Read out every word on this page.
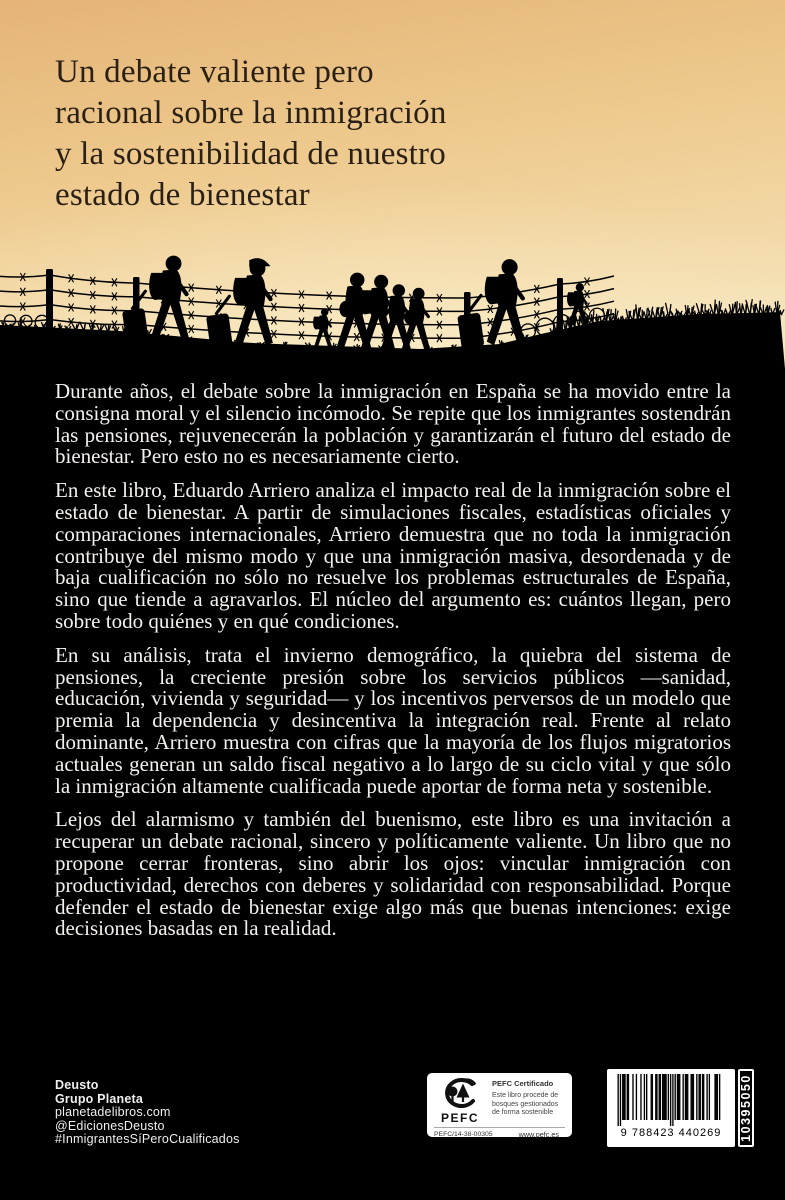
Un debate valiente pero
racional sobre la inmigración
y la sostenibilidad de nuestro
estado de bienestar

Durante años, el debate sobre la inmigración en España se ha movido entre la consigna moral y el silencio incómodo. Se repite que los inmigrantes sostendrán las pensiones, rejuvenecerán la población y garantizarán el futuro del estado de bienestar. Pero esto no es necesariamente cierto.

En este libro, Eduardo Arriero analiza el impacto real de la inmigración sobre el estado de bienestar. A partir de simulaciones fiscales, estadísticas oficiales y comparaciones internacionales, Arriero demuestra que no toda la inmigración contribuye del mismo modo y que una inmigración masiva, desordenada y de baja cualificación no sólo no resuelve los problemas estructurales de España, sino que tiende a agravarlos. El núcleo del argumento es: cuántos llegan, pero sobre todo quiénes y en qué condiciones.

En su análisis, trata el invierno demográfico, la quiebra del sistema de pensiones, la creciente presión sobre los servicios públicos —sanidad, educación, vivienda y seguridad— y los incentivos perversos de un modelo que premia la dependencia y desincentiva la integración real. Frente al relato dominante, Arriero muestra con cifras que la mayoría de los flujos migratorios actuales generan un saldo fiscal negativo a lo largo de su ciclo vital y que sólo la inmigración altamente cualificada puede aportar de forma neta y sostenible.

Lejos del alarmismo y también del buenismo, este libro es una invitación a recuperar un debate racional, sincero y políticamente valiente. Un libro que no propone cerrar fronteras, sino abrir los ojos: vincular inmigración con productividad, derechos con deberes y solidaridad con responsabilidad. Porque defender el estado de bienestar exige algo más que buenas intenciones: exige decisiones basadas en la realidad.

Deusto
Grupo Planeta
planetadelibros.com
@EdicionesDeusto
#InmigrantesSíPeroCualificados
PEFC
PEFC Certificado
Este libro procede de bosques gestionados de forma sostenible
PEFC/14-38-00305	www.pefc.es	9 788423 440269 10395050
